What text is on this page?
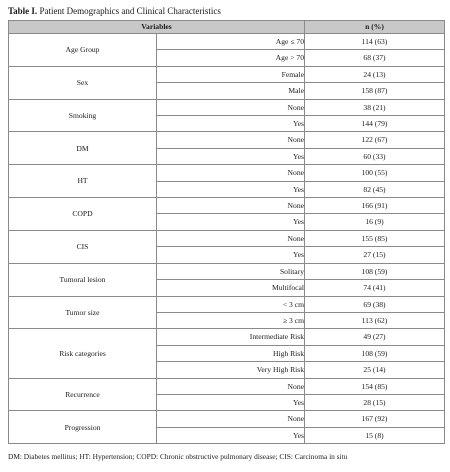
Table I. Patient Demographics and Clinical Characteristics
Variables		n (%)
Age Group	Age ≤ 70	114 (63)
	Age > 70	68 (37)
Sex	Female	24 (13)
	Male	158 (87)
Smoking	None	38 (21)
	Yes	144 (79)
DM	None	122 (67)
	Yes	60 (33)
HT	None	100 (55)
	Yes	82 (45)
COPD	None	166 (91)
	Yes	16 (9)
CIS	None	155 (85)
	Yes	27 (15)
Tumoral lesion	Solitary	108 (59)
	Multifocal	74 (41)
Tumor size	< 3 cm	69 (38)
	≥ 3 cm	113 (62)
Risk categories	Intermediate Risk	49 (27)
	High Risk	108 (59)
	Very High Risk	25 (14)
Recurrence	None	154 (85)
	Yes	28 (15)
Progression	None	167 (92)
	Yes	15 (8)
DM: Diabetes mellitus; HT: Hypertension; COPD: Chronic obstructive pulmonary disease; CIS: Carcinoma in situ
